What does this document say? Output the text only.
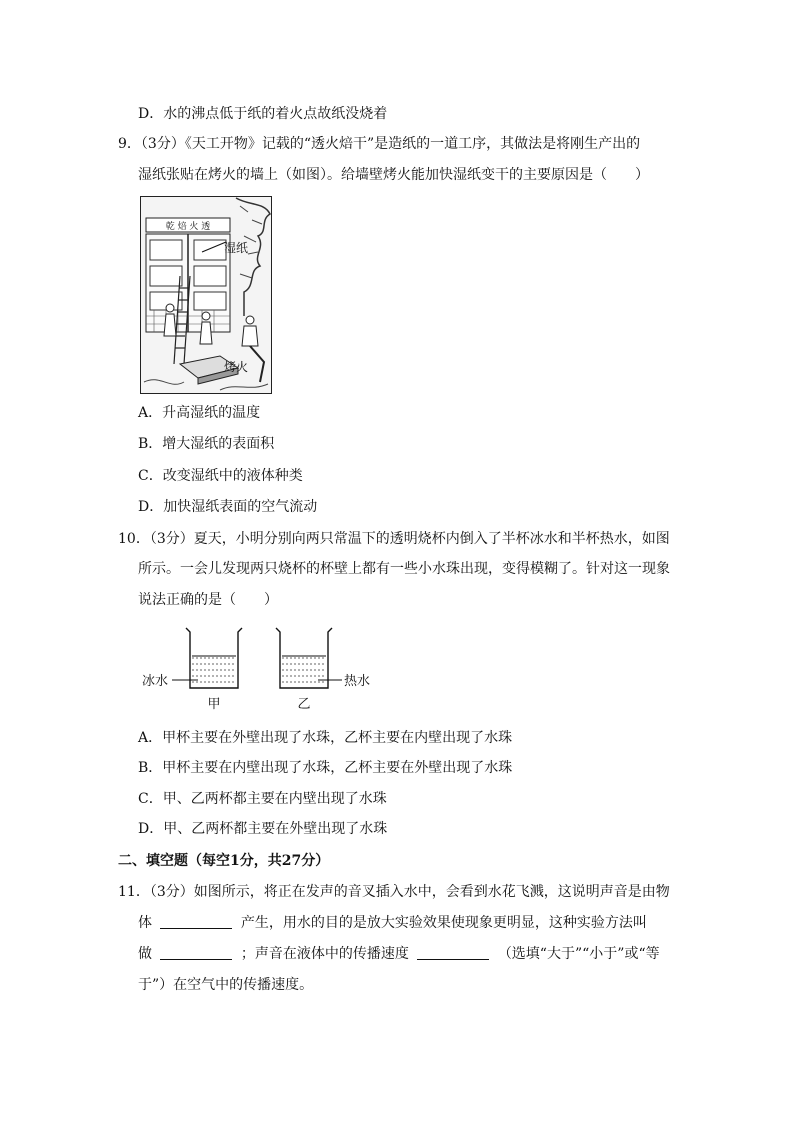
D．水的沸点低于纸的着火点故纸没烧着
9．（3分）《天工开物》记载的“透火焙干”是造纸的一道工序，其做法是将刚生产出的
湿纸张贴在烤火的墙上（如图）。给墙壁烤火能加快湿纸变干的主要原因是（　　）
乾 焙 火 透
湿纸
烤火
A．升高湿纸的温度
B．增大湿纸的表面积
C．改变湿纸中的液体种类
D．加快湿纸表面的空气流动
10．（3分）夏天，小明分别向两只常温下的透明烧杯内倒入了半杯冰水和半杯热水，如图
所示。一会儿发现两只烧杯的杯壁上都有一些小水珠出现，变得模糊了。针对这一现象
说法正确的是（　　）
冰水	热水
甲	乙
A．甲杯主要在外壁出现了水珠，乙杯主要在内壁出现了水珠
B．甲杯主要在内壁出现了水珠，乙杯主要在外壁出现了水珠
C．甲、乙两杯都主要在内壁出现了水珠
D．甲、乙两杯都主要在外壁出现了水珠
二、填空题（每空1分，共27分）
11．（3分）如图所示，将正在发声的音叉插入水中，会看到水花飞溅，这说明声音是由物
体	产生，用水的目的是放大实验效果使现象更明显，这种实验方法叫
做	；声音在液体中的传播速度	（选填“大于”“小于”或“等
于”）在空气中的传播速度。
